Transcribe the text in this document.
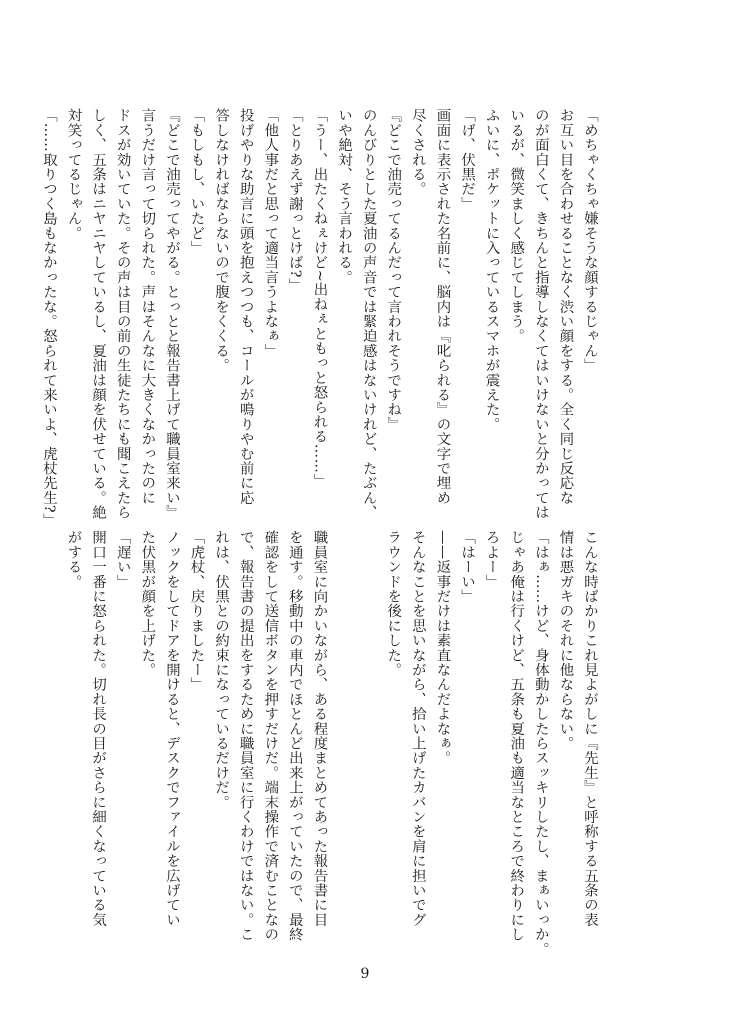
「めちゃくちゃ嫌そうな顔するじゃん」
お互い目を合わせることなく渋い顔をする。全く同じ反応な
のが面白くて、きちんと指導しなくてはいけないと分かっては
いるが、微笑ましく感じてしまう。
ふいに、ポケットに入っているスマホが震えた。
「げ、伏黒だ」
画面に表示された名前に、脳内は『叱られる』の文字で埋め
尽くされる。
『どこで油売ってるんだって言われそうですね』
のんびりとした夏油の声音では緊迫感はないけれど、たぶん、
いや絶対、そう言われる。
「うー、出たくねぇけど~出ねぇともっと怒られる……」
「とりあえず謝っとけば?」
「他人事だと思って適当言うよなぁ」
投げやりな助言に頭を抱えつつも、コールが鳴りやむ前に応
答しなければならないので腹をくくる。
「もしもし、いたど」
『どこで油売ってやがる。とっとと報告書上げて職員室来い』
言うだけ言って切られた。声はそんなに大きくなかったのに
ドスが効いていた。その声は目の前の生徒たちにも聞こえたら
しく、五条はニヤニヤしているし、夏油は顔を伏せている。絶
対笑ってるじゃん。
「……取りつく島もなかったな。怒られて来いよ、虎杖先生?」
こんな時ばかりこれ見よがしに『先生』と呼称する五条の表
情は悪ガキのそれに他ならない。
「はぁ……けど、身体動かしたらスッキリしたし、まぁいっか。
じゃあ俺は行くけど、五条も夏油も適当なところで終わりにし
ろよー」
「はーい」
——返事だけは素直なんだよなぁ。
そんなことを思いながら、拾い上げたカバンを肩に担いでグ
ラウンドを後にした。
職員室に向かいながら、ある程度まとめてあった報告書に目
を通す。移動中の車内でほとんど出来上がっていたので、最終
確認をして送信ボタンを押すだけだ。端末操作で済むことなの
で、報告書の提出をするために職員室に行くわけではない。こ
れは、伏黒との約束になっているだけだ。
「虎杖、戻りましたー」
ノックをしてドアを開けると、デスクでファイルを広げてい
た伏黒が顔を上げた。
「遅い」
開口一番に怒られた。切れ長の目がさらに細くなっている気
がする。
9
